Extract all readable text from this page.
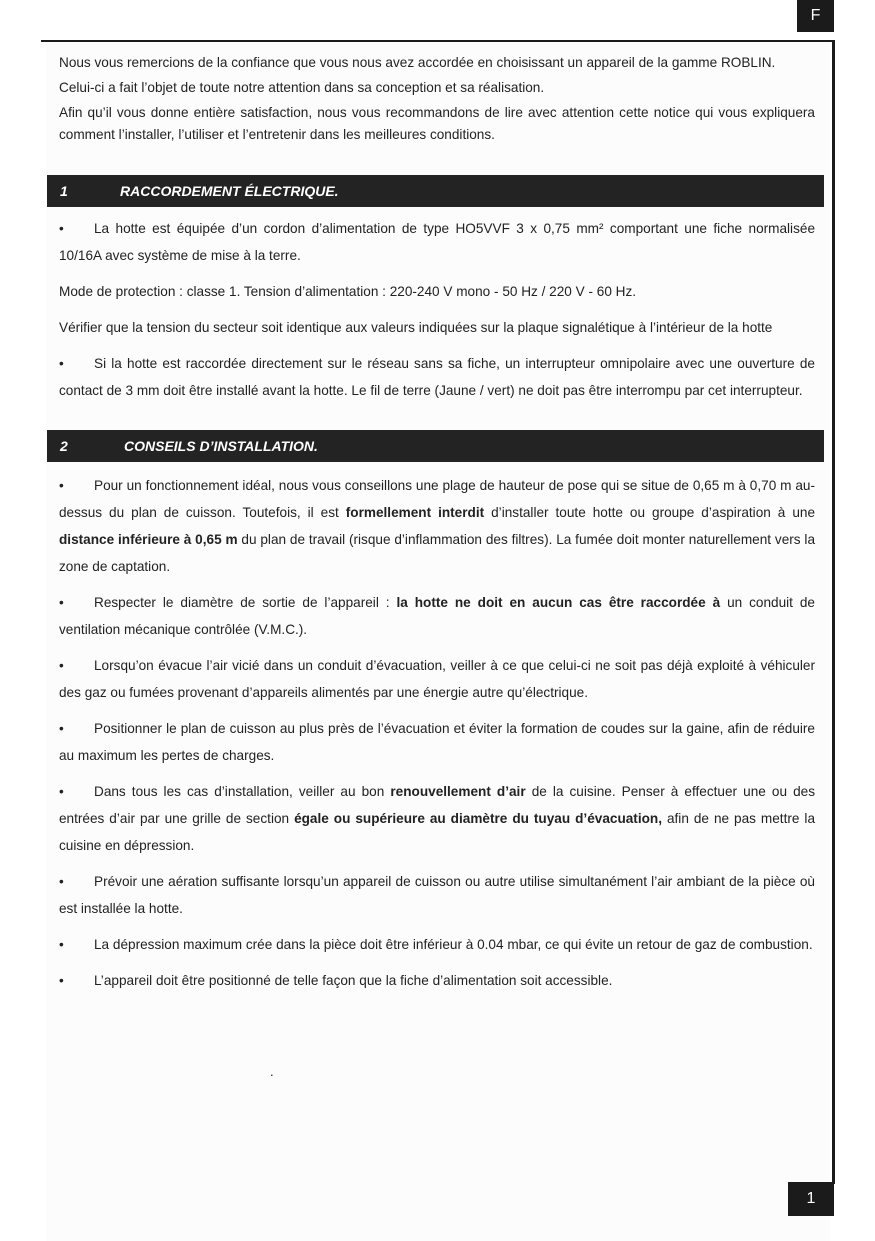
F

Nous vous remercions de la confiance que vous nous avez accordée en choisissant un appareil de la gamme ROBLIN.

Celui-ci a fait l’objet de toute notre attention dans sa conception et sa réalisation.

Afin qu’il vous donne entière satisfaction, nous vous recommandons de lire avec attention cette notice qui vous expliquera comment l’installer, l’utiliser et l’entretenir dans les meilleures conditions.

1	RACCORDEMENT ÉLECTRIQUE.

• La hotte est équipée d’un cordon d’alimentation de type HO5VVF 3 x 0,75 mm² comportant une fiche normalisée 10/16A avec système de mise à la terre.

Mode de protection : classe 1. Tension d’alimentation : 220-240 V mono - 50 Hz / 220 V - 60 Hz.

Vérifier que la tension du secteur soit identique aux valeurs indiquées sur la plaque signalétique à l’intérieur de la hotte

• Si la hotte est raccordée directement sur le réseau sans sa fiche, un interrupteur omnipolaire avec une ouverture de contact de 3 mm doit être installé avant la hotte. Le fil de terre (Jaune / vert) ne doit pas être interrompu par cet interrupteur.

2	CONSEILS D’INSTALLATION.

• Pour un fonctionnement idéal, nous vous conseillons une plage de hauteur de pose qui se situe de 0,65 m à 0,70 m au-dessus du plan de cuisson. Toutefois, il est formellement interdit d’installer toute hotte ou groupe d’aspiration à une distance inférieure à 0,65 m du plan de travail (risque d’inflammation des filtres). La fumée doit monter naturellement vers la zone de captation.

• Respecter le diamètre de sortie de l’appareil : la hotte ne doit en aucun cas être raccordée à un conduit de ventilation mécanique contrôlée (V.M.C.).

• Lorsqu’on évacue l’air vicié dans un conduit d’évacuation, veiller à ce que celui-ci ne soit pas déjà exploité à véhiculer des gaz ou fumées provenant d’appareils alimentés par une énergie autre qu’électrique.

• Positionner le plan de cuisson au plus près de l’évacuation et éviter la formation de coudes sur la gaine, afin de réduire au maximum les pertes de charges.

• Dans tous les cas d’installation, veiller au bon renouvellement d’air de la cuisine. Penser à effectuer une ou des entrées d’air par une grille de section égale ou supérieure au diamètre du tuyau d’évacuation, afin de ne pas mettre la cuisine en dépression.

• Prévoir une aération suffisante lorsqu’un appareil de cuisson ou autre utilise simultanément l’air ambiant de la pièce où est installée la hotte.

• La dépression maximum crée dans la pièce doit être inférieur à 0.04 mbar, ce qui évite un retour de gaz de combustion.

• L’appareil doit être positionné de telle façon que la fiche d’alimentation soit accessible.

.
1
